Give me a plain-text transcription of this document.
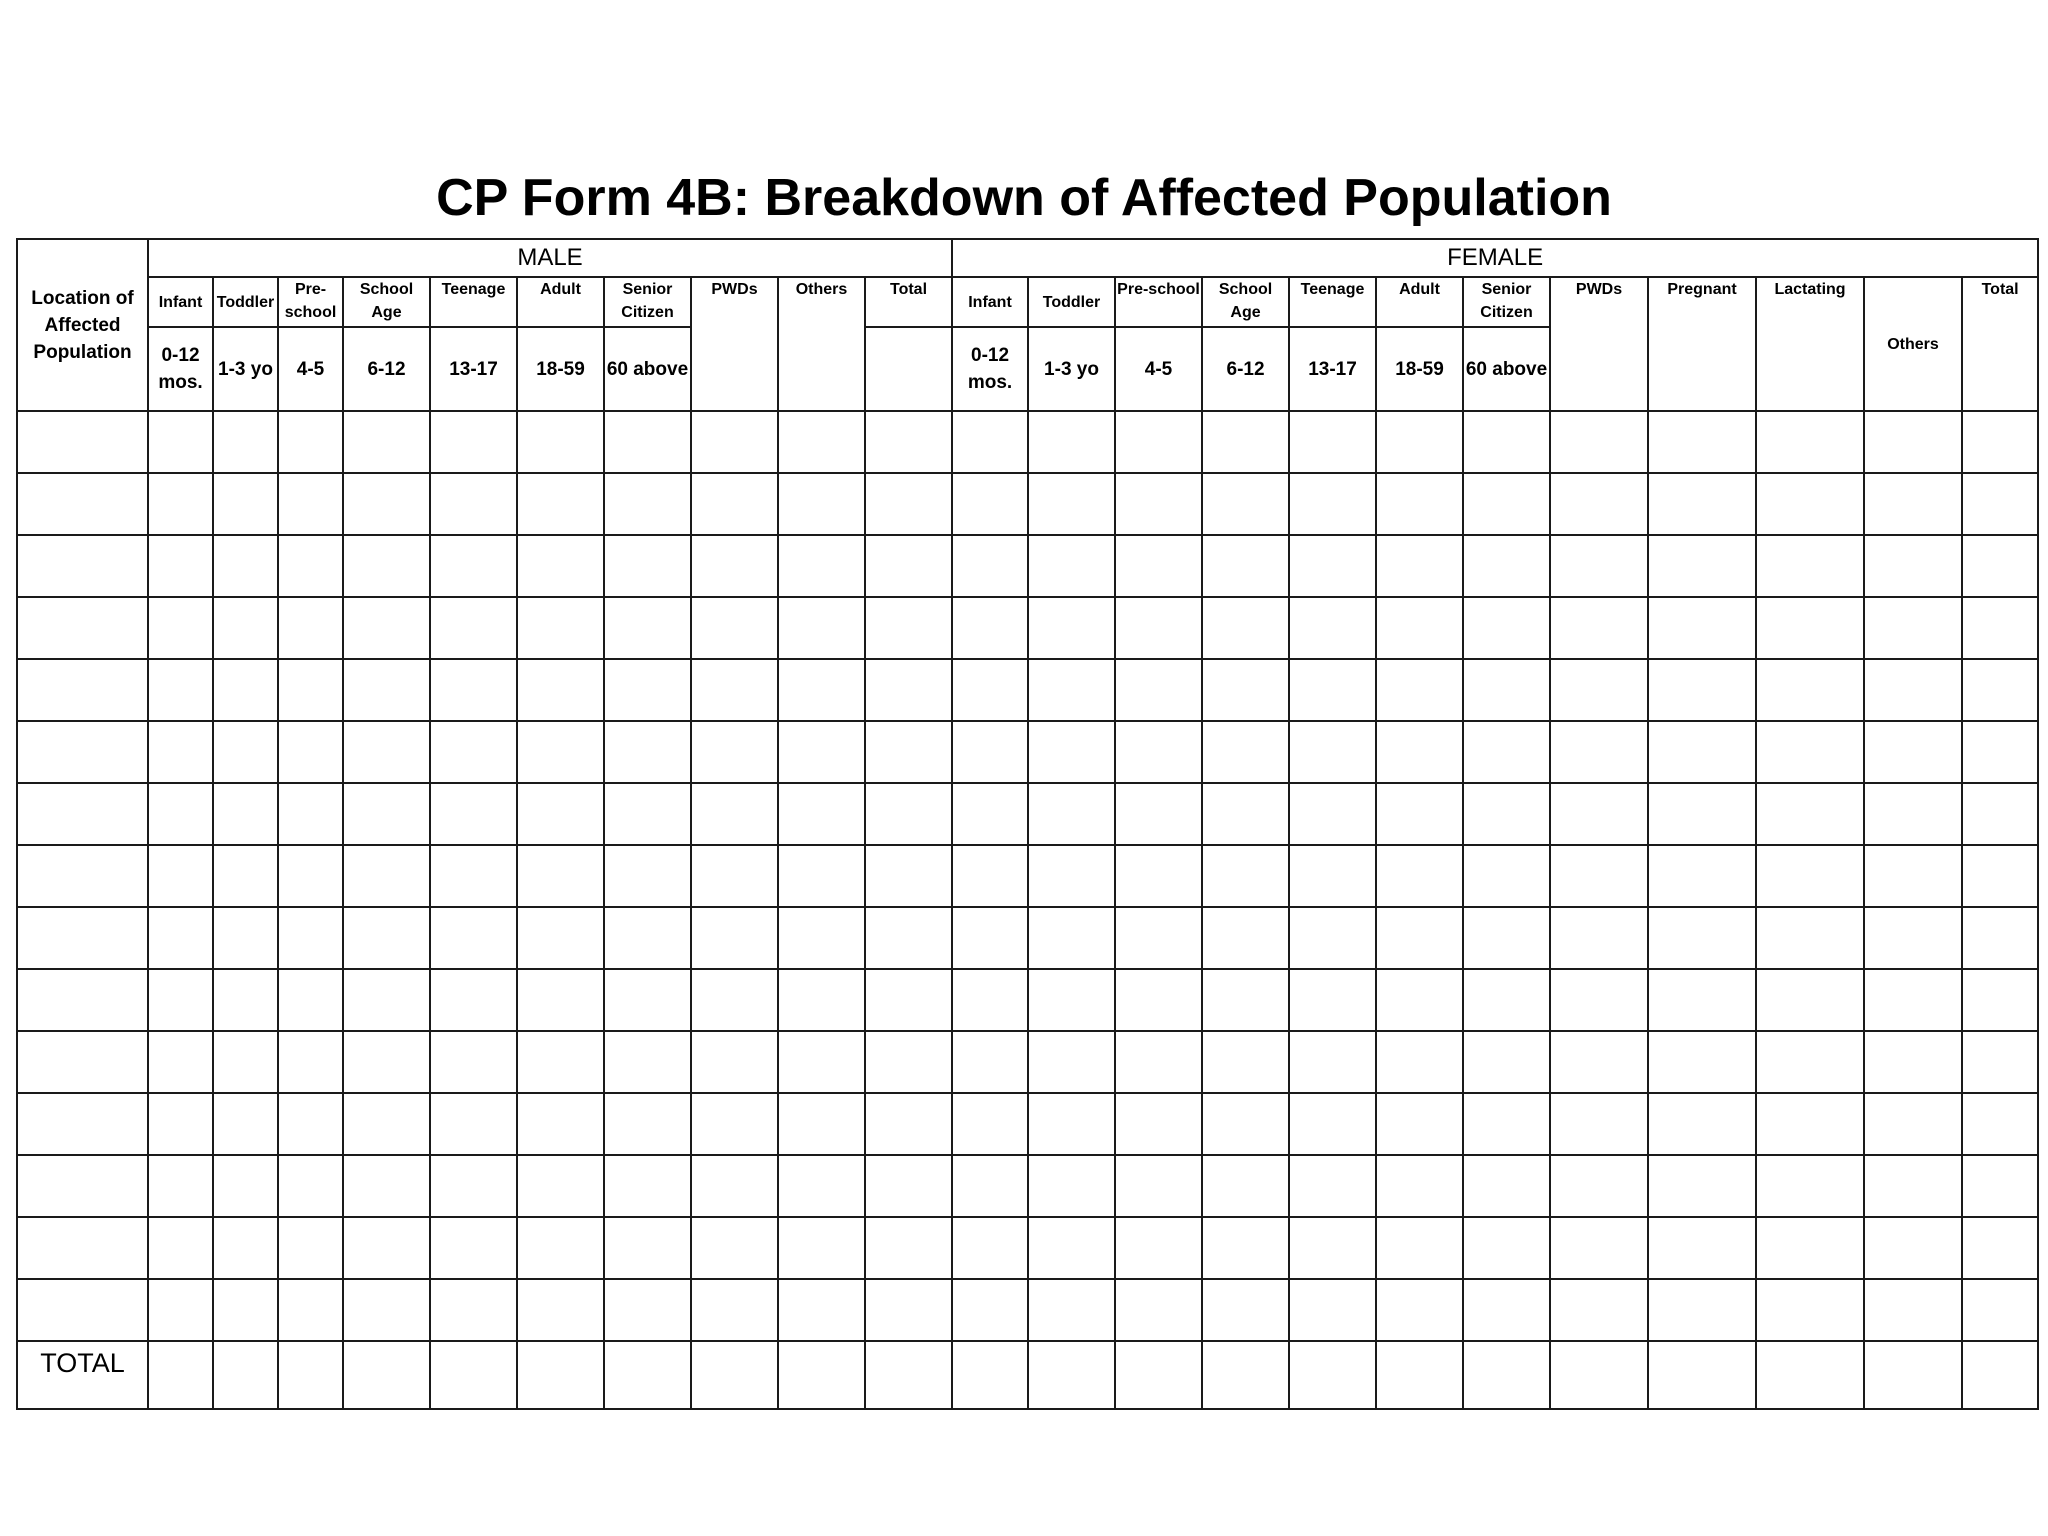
CP Form 4B: Breakdown of Affected Population
Location of Affected Population	MALE										FEMALE											
	Infant	Toddler	Pre-school	School Age	Teenage	Adult	Senior Citizen	PWDs	Others	Total	Infant	Toddler	Pre-school	School Age	Teenage	Adult	Senior Citizen	PWDs	Pregnant	Lactating	Others	Total
	0-12 mos.	1-3 yo	4-5	6-12	13-17	18-59	60 above				0-12 mos.	1-3 yo	4-5	6-12	13-17	18-59	60 above					

TOTAL																						
